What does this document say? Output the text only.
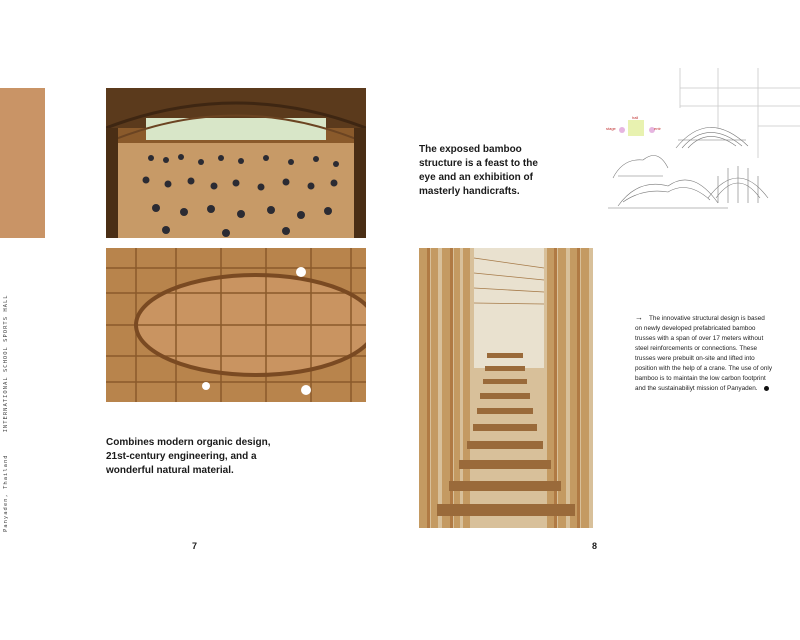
Panyaden, ThailandINTERNATIONAL SCHOOL SPORTS HALL
Combines modern organic design, 21st-century engineering, and a wonderful natural material.
7
The exposed bamboo structure is a feast to the eye and an exhibition of masterly handicrafts.
stage
hall
entr
8
→ The innovative structural design is based on newly developed prefabricated bamboo trusses with a span of over 17 meters without steel reinforcements or connections. These trusses were prebuilt on-site and lifted into position with the help of a crane. The use of only bamboo is to maintain the low carbon footprint and the sustainabiliyt mission of Panyaden.
